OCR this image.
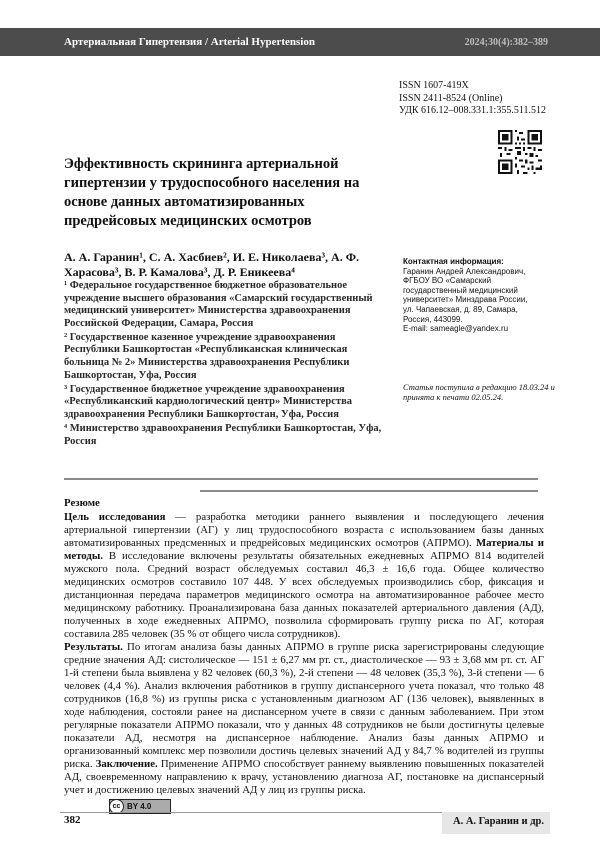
Артериальная Гипертензия / Arterial Hypertension	2024;30(4):382–389
ISSN 1607-419X
ISSN 2411-8524 (Online)
УДК 616.12–008.331.1:355.511.512
Эффективность скрининга артериальной гипертензии у трудоспособного населения на основе данных автоматизированных предрейсовых медицинских осмотров
А. А. Гаранин¹, С. А. Хасбиев², И. Е. Николаева³, А. Ф. Харасова³, В. Р. Камалова³, Д. Р. Еникеева⁴

¹ Федеральное государственное бюджетное образовательное учреждение высшего образования «Самарский государственный медицинский университет» Министерства здравоохранения Российской Федерации, Самара, Россия

² Государственное казенное учреждение здравоохранения Республики Башкортостан «Республиканская клиническая больница № 2» Министерства здравоохранения Республики Башкортостан, Уфа, Россия

³ Государственное бюджетное учреждение здравоохранения «Республиканский кардиологический центр» Министерства здравоохранения Республики Башкортостан, Уфа, Россия

⁴ Министерство здравоохранения Республики Башкортостан, Уфа, Россия

Контактная информация:
Гаранин Андрей Александрович,
ФГБОУ ВО «Самарский
государственный медицинский
университет» Минздрава России,
ул. Чапаевская, д. 89, Самара,
Россия, 443099.
E-mail: sameagle@yandex.ru
Статья поступила в редакцию 18.03.24 и принята к печати 02.05.24.
Резюме

Цель исследования — разработка методики раннего выявления и последующего лечения артериальной гипертензии (АГ) у лиц трудоспособного возраста с использованием базы данных автоматизированных предсменных и предрейсовых медицинских осмотров (АПРМО). Материалы и методы. В исследование включены результаты обязательных ежедневных АПРМО 814 водителей мужского пола. Средний возраст обследуемых составил 46,3 ± 16,6 года. Общее количество медицинских осмотров составило 107 448. У всех обследуемых производились сбор, фиксация и дистанционная передача параметров медицинского осмотра на автоматизированное рабочее место медицинскому работнику. Проанализирована база данных показателей артериального давления (АД), полученных в ходе ежедневных АПРМО, позволила сформировать группу риска по АГ, которая составила 285 человек (35 % от общего числа сотрудников).

Результаты. По итогам анализа базы данных АПРМО в группе риска зарегистрированы следующие средние значения АД: систолическое — 151 ± 6,27 мм рт. ст., диастолическое — 93 ± 3,68 мм рт. ст. АГ 1-й степени была выявлена у 82 человек (60,3 %), 2-й степени — 48 человек (35,3 %), 3-й степени — 6 человек (4,4 %). Анализ включения работников в группу диспансерного учета показал, что только 48 сотрудников (16,8 %) из группы риска с установленным диагнозом АГ (136 человек), выявленных в ходе наблюдения, состояли ранее на диспансерном учете в связи с данным заболеванием. При этом регулярные показатели АПРМО показали, что у данных 48 сотрудников не были достигнуты целевые показатели АД, несмотря на диспансерное наблюдение. Анализ базы данных АПРМО и организованный комплекс мер позволили достичь целевых значений АД у 84,7 % водителей из группы риска. Заключение. Применение АПРМО способствует раннему выявлению повышенных показателей АД, своевременному направлению к врачу, установлению диагноза АГ, постановке на диспансерный учет и достижению целевых значений АД у лиц из группы риска.

cc BY 4.0
382	А. А. Гаранин и др.
